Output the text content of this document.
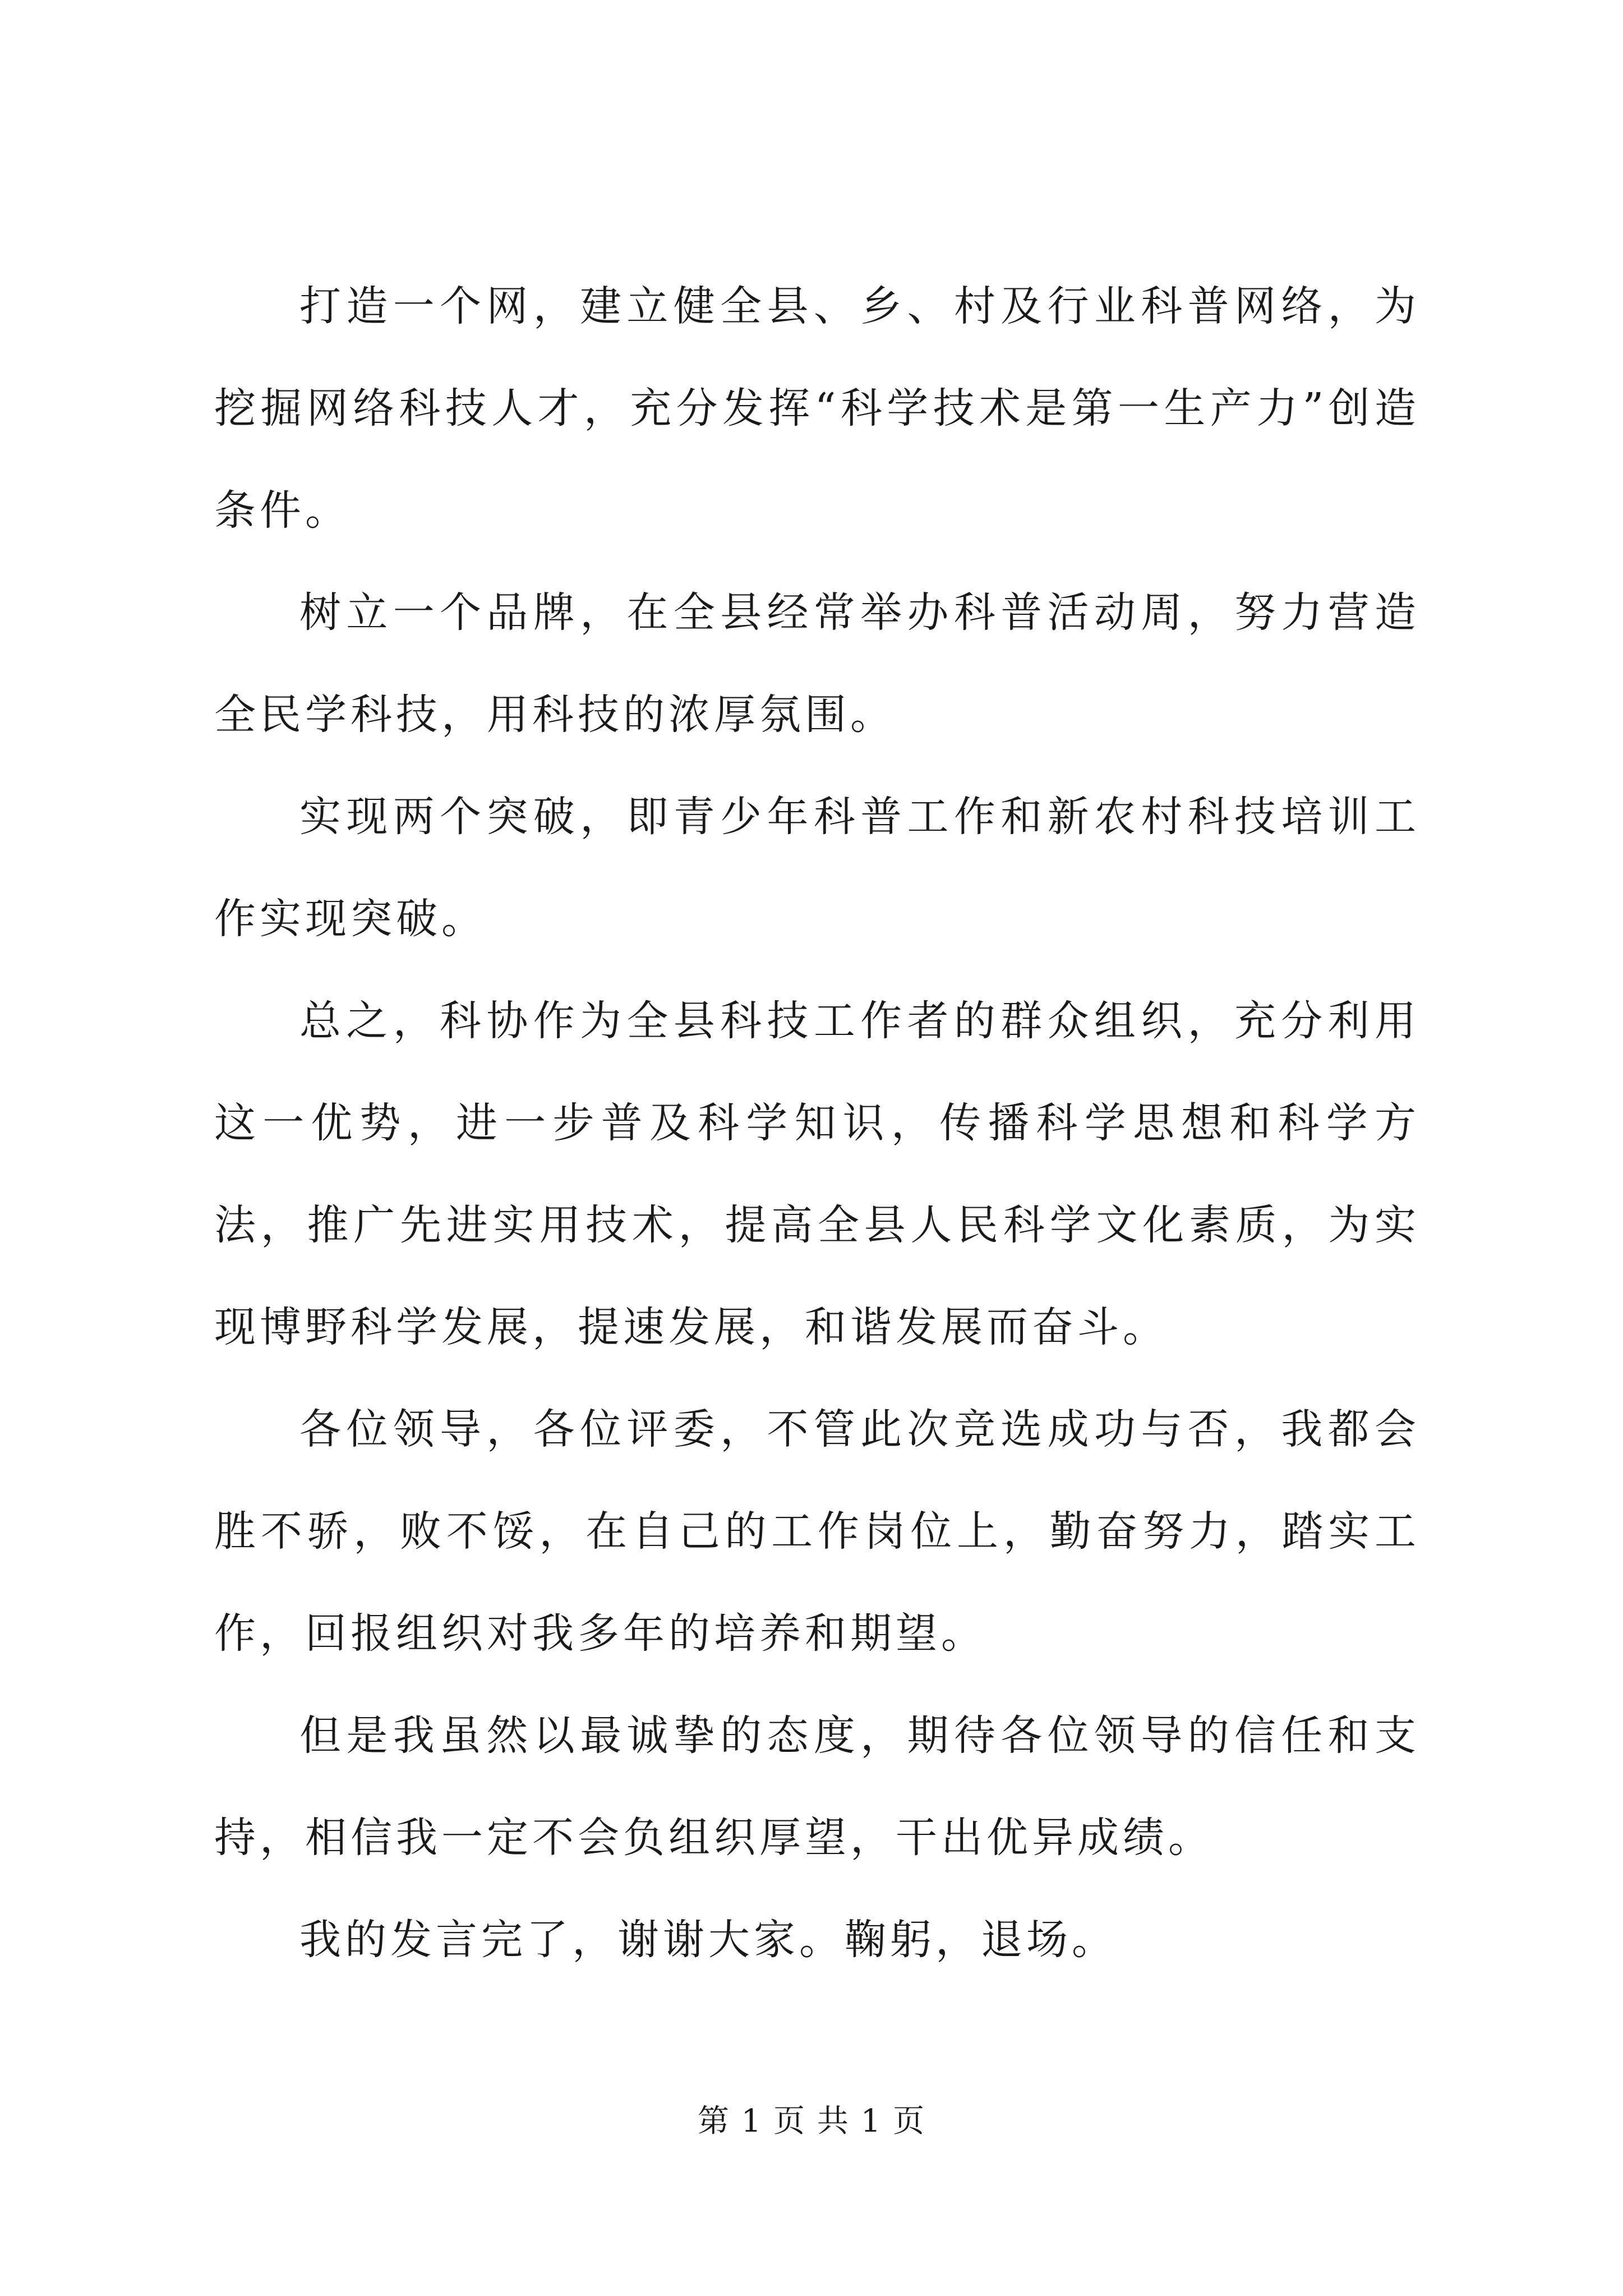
打造一个网，建立健全县、乡、村及行业科普网络，为挖掘网络科技人才，充分发挥“科学技术是第一生产力”创造条件。

树立一个品牌，在全县经常举办科普活动周，努力营造全民学科技，用科技的浓厚氛围。

实现两个突破，即青少年科普工作和新农村科技培训工作实现突破。

总之，科协作为全县科技工作者的群众组织，充分利用这一优势，进一步普及科学知识，传播科学思想和科学方法，推广先进实用技术，提高全县人民科学文化素质，为实现博野科学发展，提速发展，和谐发展而奋斗。

各位领导，各位评委，不管此次竞选成功与否，我都会胜不骄，败不馁，在自己的工作岗位上，勤奋努力，踏实工作，回报组织对我多年的培养和期望。

但是我虽然以最诚挚的态度，期待各位领导的信任和支持，相信我一定不会负组织厚望，干出优异成绩。

我的发言完了，谢谢大家。鞠躬，退场。

第 1 页 共 1 页
